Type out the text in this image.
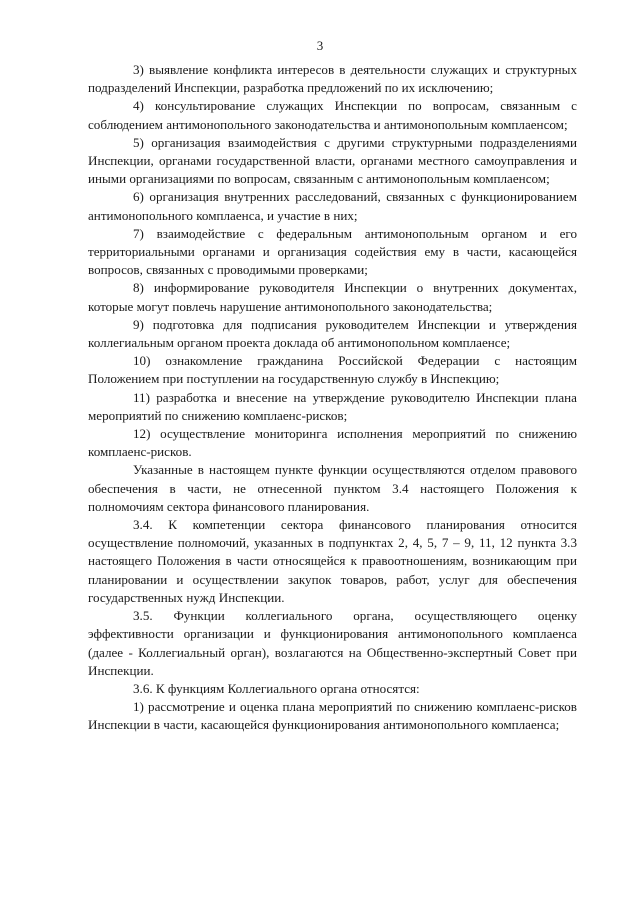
3

3) выявление конфликта интересов в деятельности служащих и структурных подразделений Инспекции, разработка предложений по их исключению;

4) консультирование служащих Инспекции по вопросам, связанным с соблюдением антимонопольного законодательства и антимонопольным комплаенсом;

5) организация взаимодействия с другими структурными подразделениями Инспекции, органами государственной власти, органами местного самоуправления и иными организациями по вопросам, связанным с антимонопольным комплаенсом;

6) организация внутренних расследований, связанных с функционированием антимонопольного комплаенса, и участие в них;

7) взаимодействие с федеральным антимонопольным органом и его территориальными органами и организация содействия ему в части, касающейся вопросов, связанных с проводимыми проверками;

8) информирование руководителя Инспекции о внутренних документах, которые могут повлечь нарушение антимонопольного законодательства;

9) подготовка для подписания руководителем Инспекции и утверждения коллегиальным органом проекта доклада об антимонопольном комплаенсе;

10) ознакомление гражданина Российской Федерации с настоящим Положением при поступлении на государственную службу в Инспекцию;

11) разработка и внесение на утверждение руководителю Инспекции плана мероприятий по снижению комплаенс-рисков;

12) осуществление мониторинга исполнения мероприятий по снижению комплаенс-рисков.

Указанные в настоящем пункте функции осуществляются отделом правового обеспечения в части, не отнесенной пунктом 3.4 настоящего Положения к полномочиям сектора финансового планирования.

3.4. К компетенции сектора финансового планирования относится осуществление полномочий, указанных в подпунктах 2, 4, 5, 7 – 9, 11, 12 пункта 3.3 настоящего Положения в части относящейся к правоотношениям, возникающим при планировании и осуществлении закупок товаров, работ, услуг для обеспечения государственных нужд Инспекции.

3.5. Функции коллегиального органа, осуществляющего оценку эффективности организации и функционирования антимонопольного комплаенса (далее - Коллегиальный орган), возлагаются на Общественно-экспертный Совет при Инспекции.

3.6. К функциям Коллегиального органа относятся:

1) рассмотрение и оценка плана мероприятий по снижению комплаенс-рисков Инспекции в части, касающейся функционирования антимонопольного комплаенса;
